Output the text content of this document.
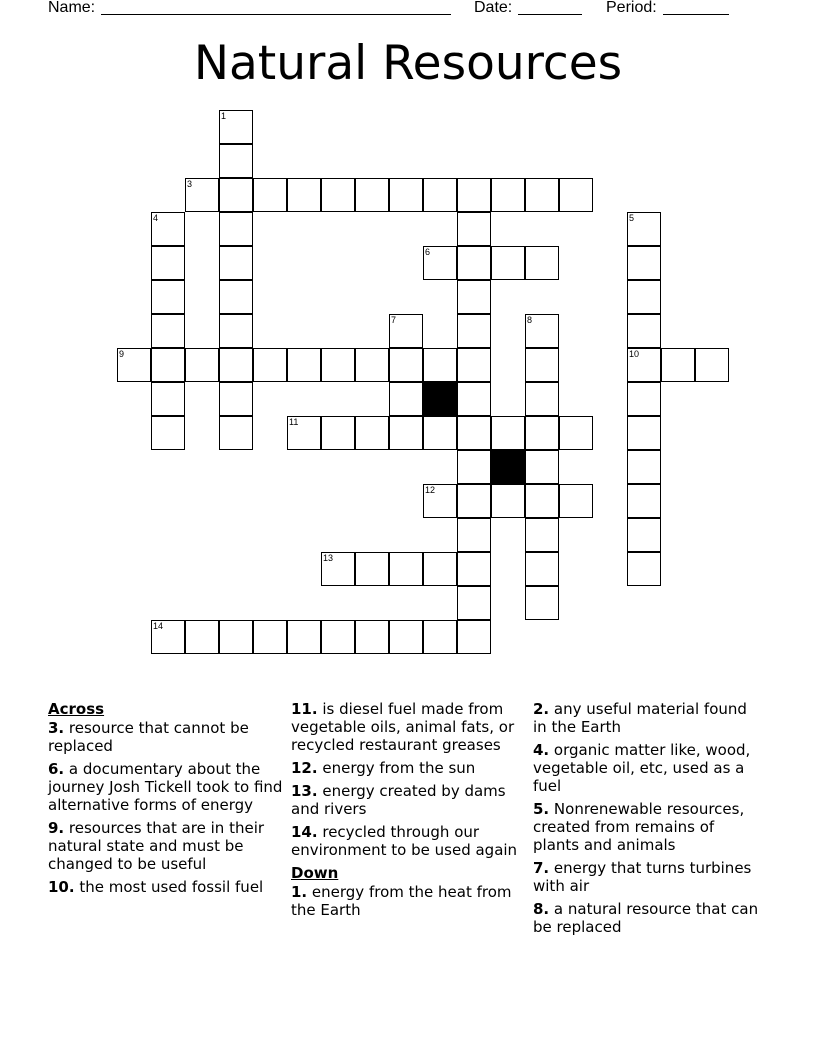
Name:	Date:	Period:
Natural Resources
1
3
4	5
6
7	8
9	10
11
12
13
14
Across
3. resource that cannot be replaced
6. a documentary about the journey Josh Tickell took to find alternative forms of energy
9. resources that are in their natural state and must be changed to be useful
10. the most used fossil fuel
11. is diesel fuel made from vegetable oils, animal fats, or recycled restaurant greases
12. energy from the sun
13. energy created by dams and rivers
14. recycled through our environment to be used again
Down
1. energy from the heat from the Earth
2. any useful material found in the Earth
4. organic matter like, wood, vegetable oil, etc, used as a fuel
5. Nonrenewable resources, created from remains of plants and animals
7. energy that turns turbines with air
8. a natural resource that can be replaced
